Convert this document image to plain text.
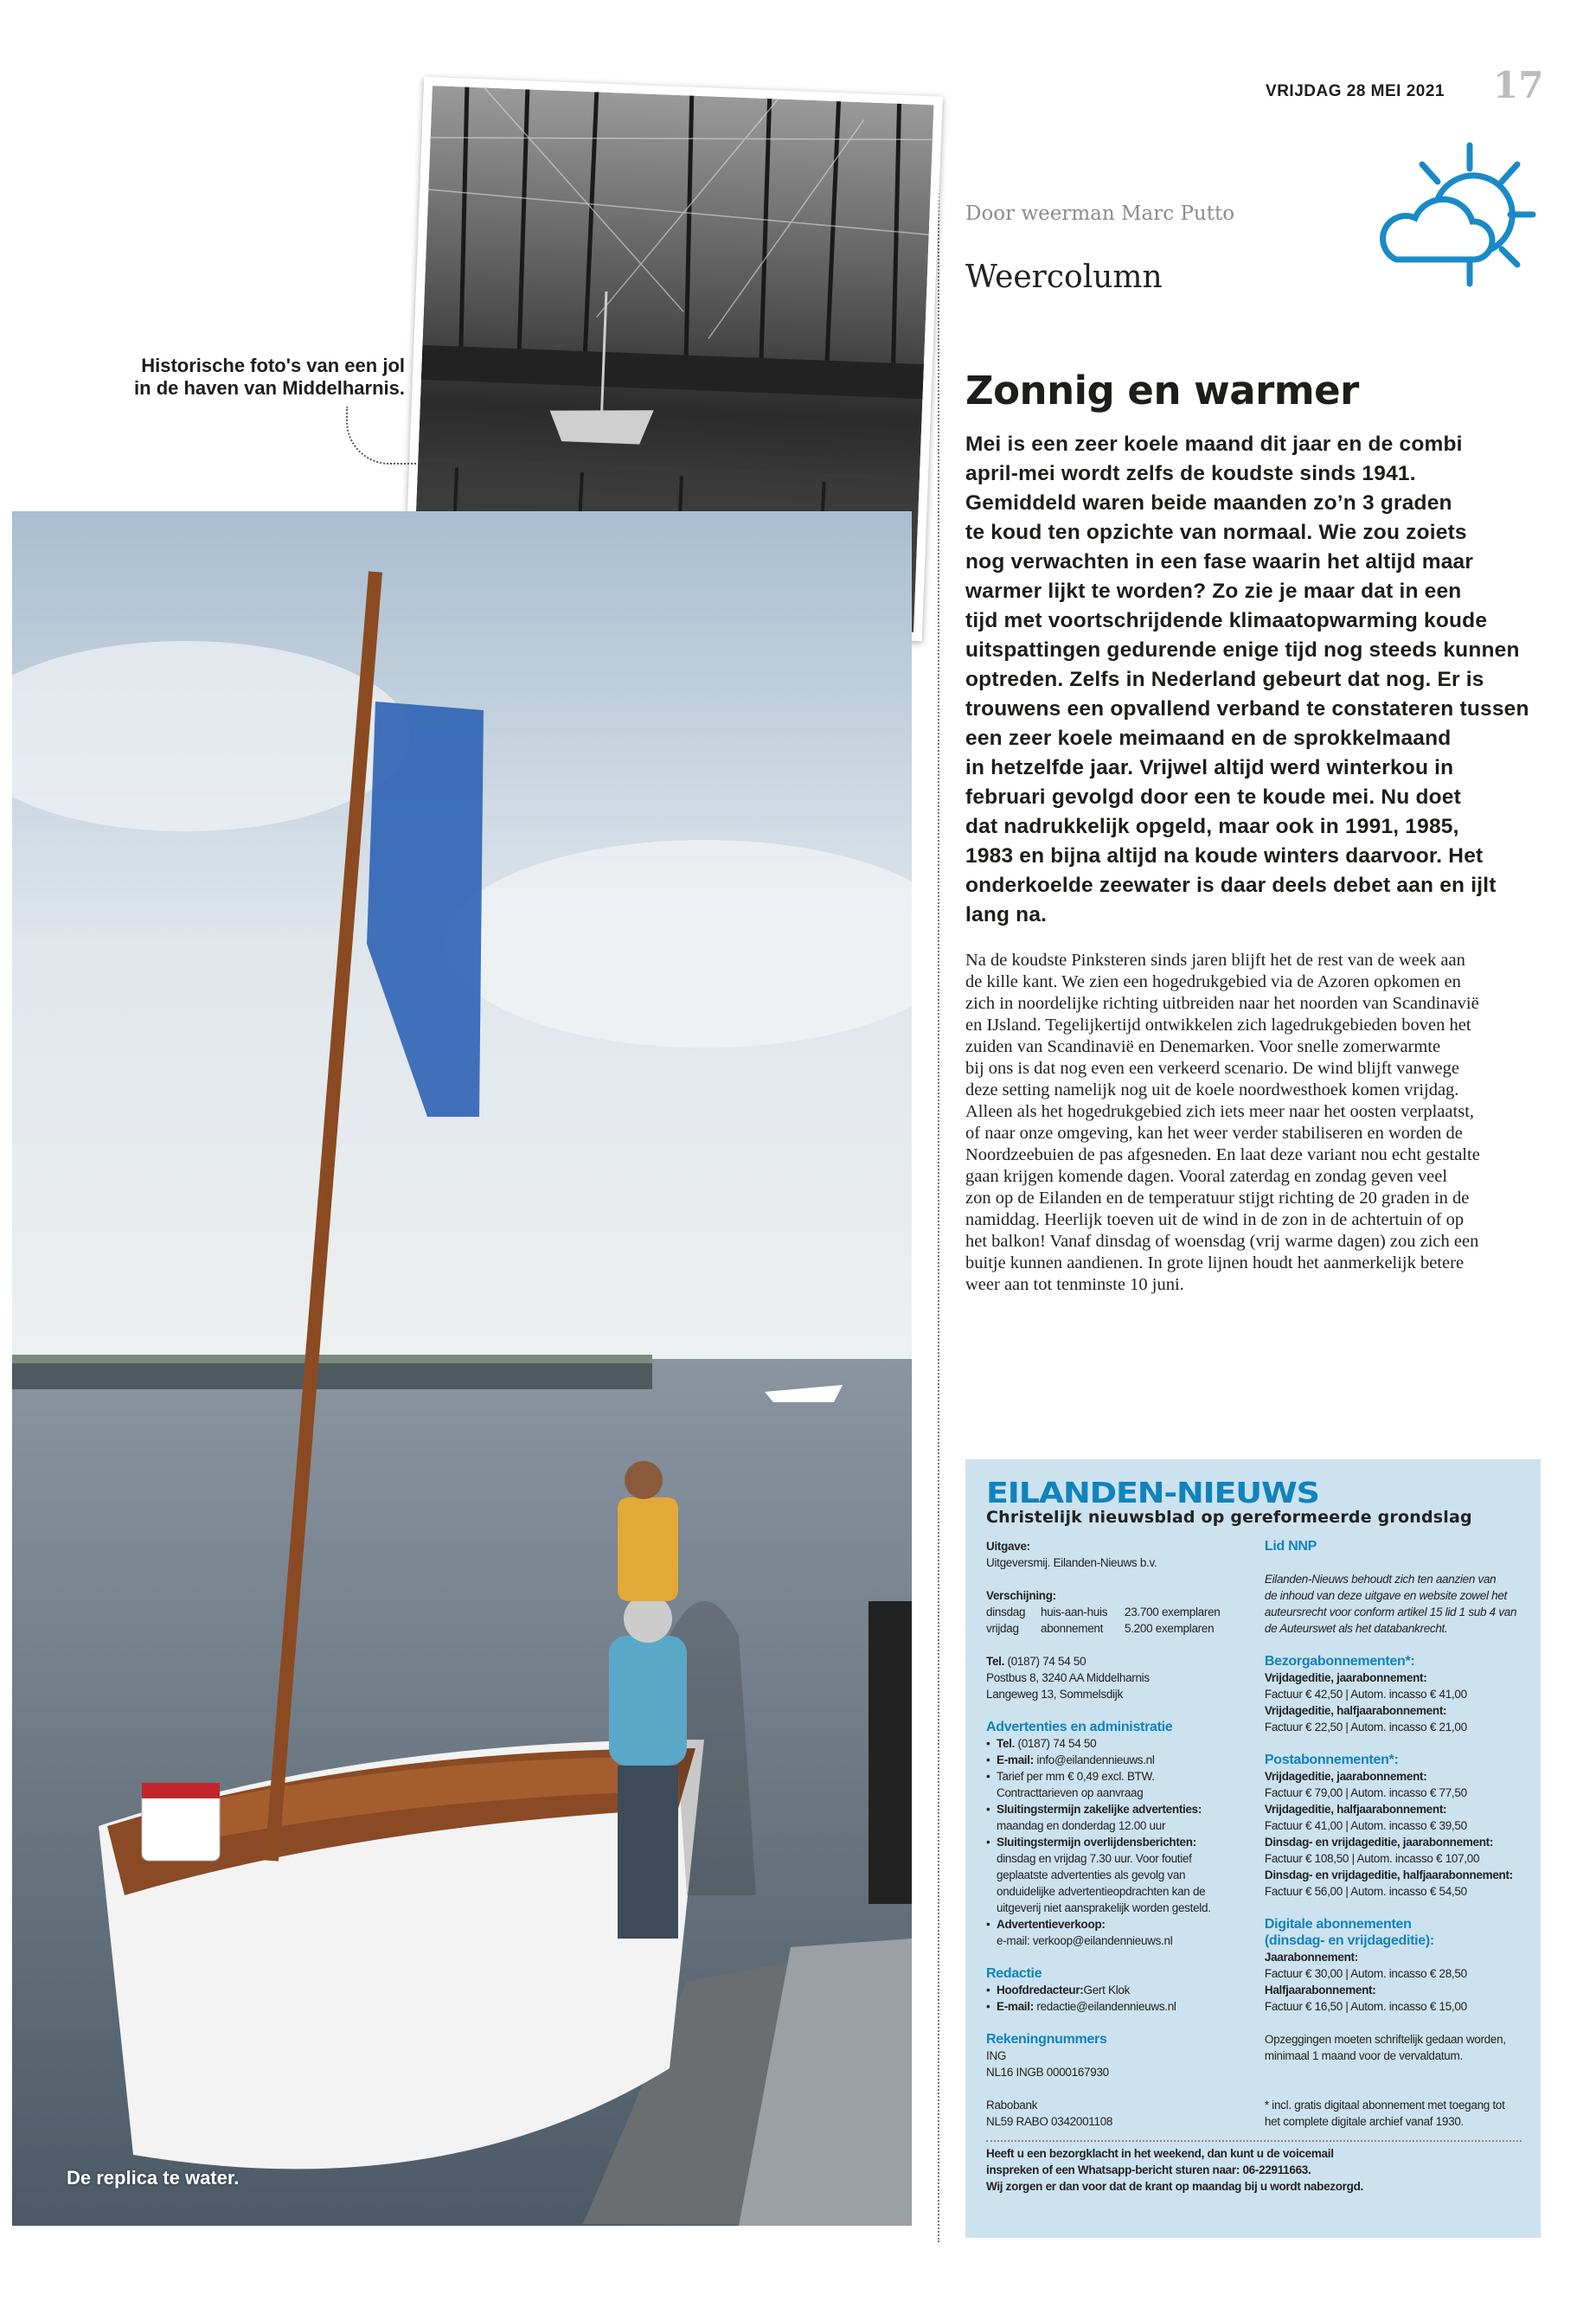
VRIJDAG 28 MEI 2021 17
Historische foto's van een jol
in de haven van Middelharnis.
De replica te water.
Door weerman Marc Putto
Weercolumn
Zonnig en warmer
Mei is een zeer koele maand dit jaar en de combi
april-mei wordt zelfs de koudste sinds 1941.
Gemiddeld waren beide maanden zo’n 3 graden
te koud ten opzichte van normaal. Wie zou zoiets
nog verwachten in een fase waarin het altijd maar
warmer lijkt te worden? Zo zie je maar dat in een
tijd met voortschrijdende klimaatopwarming koude
uitspattingen gedurende enige tijd nog steeds kunnen
optreden. Zelfs in Nederland gebeurt dat nog. Er is
trouwens een opvallend verband te constateren tussen
een zeer koele meimaand en de sprokkelmaand
in hetzelfde jaar. Vrijwel altijd werd winterkou in
februari gevolgd door een te koude mei. Nu doet
dat nadrukkelijk opgeld, maar ook in 1991, 1985,
1983 en bijna altijd na koude winters daarvoor. Het
onderkoelde zeewater is daar deels debet aan en ijlt
lang na.
Na de koudste Pinksteren sinds jaren blijft het de rest van de week aan
de kille kant. We zien een hogedrukgebied via de Azoren opkomen en
zich in noordelijke richting uitbreiden naar het noorden van Scandinavië
en IJsland. Tegelijkertijd ontwikkelen zich lagedrukgebieden boven het
zuiden van Scandinavië en Denemarken. Voor snelle zomerwarmte
bij ons is dat nog even een verkeerd scenario. De wind blijft vanwege
deze setting namelijk nog uit de koele noordwesthoek komen vrijdag.
Alleen als het hogedrukgebied zich iets meer naar het oosten verplaatst,
of naar onze omgeving, kan het weer verder stabiliseren en worden de
Noordzeebuien de pas afgesneden. En laat deze variant nou echt gestalte
gaan krijgen komende dagen. Vooral zaterdag en zondag geven veel
zon op de Eilanden en de temperatuur stijgt richting de 20 graden in de
namiddag. Heerlijk toeven uit de wind in de zon in de achtertuin of op
het balkon! Vanaf dinsdag of woensdag (vrij warme dagen) zou zich een
buitje kunnen aandienen. In grote lijnen houdt het aanmerkelijk betere
weer aan tot tenminste 10 juni.
EILANDEN-NIEUWS
Christelijk nieuwsblad op gereformeerde grondslag
Uitgave:
Uitgeversmij. Eilanden-Nieuws b.v.
Verschijning:
dinsdag huis-aan-huis 23.700 exemplaren
vrijdag abonnement 5.200 exemplaren
Tel. (0187) 74 54 50
Postbus 8, 3240 AA Middelharnis
Langeweg 13, Sommelsdijk
Advertenties en administratie
• Tel. (0187) 74 54 50
• E-mail: info@eilandennieuws.nl
• Tarief per mm € 0,49 excl. BTW.
Contracttarieven op aanvraag
• Sluitingstermijn zakelijke advertenties:
maandag en donderdag 12.00 uur
• Sluitingstermijn overlijdensberichten:
dinsdag en vrijdag 7.30 uur. Voor foutief
geplaatste advertenties als gevolg van
onduidelijke advertentieopdrachten kan de
uitgeverij niet aansprakelijk worden gesteld.
• Advertentieverkoop:
e-mail: verkoop@eilandennieuws.nl
Redactie
• Hoofdredacteur:Gert Klok
• E-mail: redactie@eilandennieuws.nl
Rekeningnummers
ING
NL16 INGB 0000167930
Rabobank
NL59 RABO 0342001108
Lid NNP
Eilanden-Nieuws behoudt zich ten aanzien van
de inhoud van deze uitgave en website zowel het
auteursrecht voor conform artikel 15 lid 1 sub 4 van
de Auteurswet als het databankrecht.
Bezorgabonnementen*:
Vrijdageditie, jaarabonnement:
Factuur € 42,50 | Autom. incasso € 41,00
Vrijdageditie, halfjaarabonnement:
Factuur € 22,50 | Autom. incasso € 21,00
Postabonnementen*:
Vrijdageditie, jaarabonnement:
Factuur € 79,00 | Autom. incasso € 77,50
Vrijdageditie, halfjaarabonnement:
Factuur € 41,00 | Autom. incasso € 39,50
Dinsdag- en vrijdageditie, jaarabonnement:
Factuur € 108,50 | Autom. incasso € 107,00
Dinsdag- en vrijdageditie, halfjaarabonnement:
Factuur € 56,00 | Autom. incasso € 54,50
Digitale abonnementen
(dinsdag- en vrijdageditie):
Jaarabonnement:
Factuur € 30,00 | Autom. incasso € 28,50
Halfjaarabonnement:
Factuur € 16,50 | Autom. incasso € 15,00
Opzeggingen moeten schriftelijk gedaan worden,
minimaal 1 maand voor de vervaldatum.
* incl. gratis digitaal abonnement met toegang tot
het complete digitale archief vanaf 1930.
Heeft u een bezorgklacht in het weekend, dan kunt u de voicemail
inspreken of een Whatsapp-bericht sturen naar: 06-22911663.
Wij zorgen er dan voor dat de krant op maandag bij u wordt nabezorgd.
